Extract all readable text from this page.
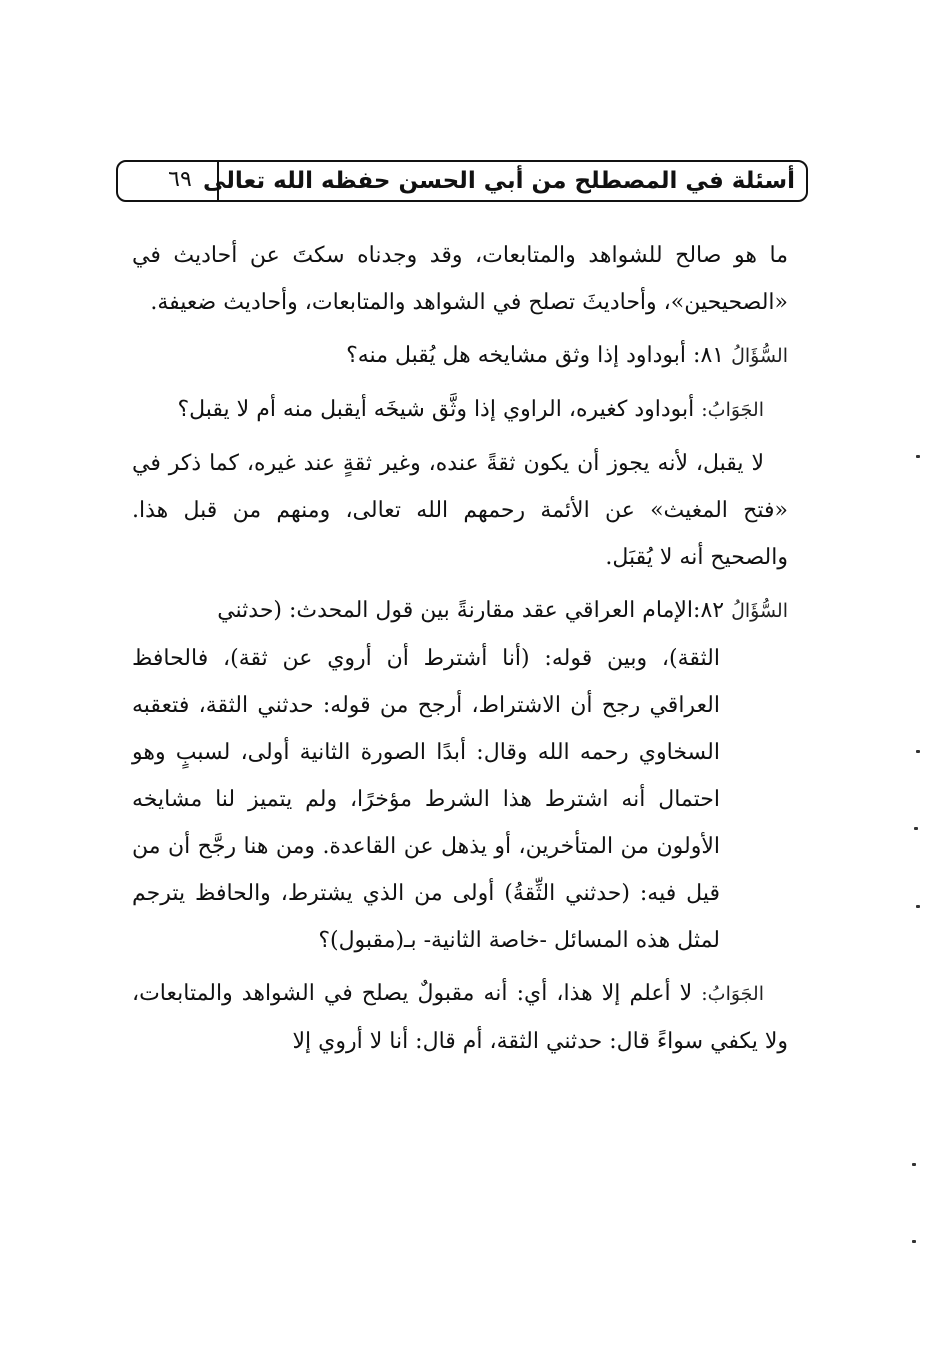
٦٩ أسئلة في المصطلح من أبي الحسن حفظه الله تعالى

ما هو صالح للشواهد والمتابعات، وقد وجدناه سكتَ عن أحاديث في «الصحيحين»، وأحاديثَ تصلح في الشواهد والمتابعات، وأحاديث ضعيفة.

السُّؤَالُ ٨١: أبوداود إذا وثق مشايخه هل يُقبل منه؟

الجَوَابُ: أبوداود كغيره، الراوي إذا وثَّق شيخَه أيقبل منه أم لا يقبل؟

لا يقبل، لأنه يجوز أن يكون ثقةً عنده، وغير ثقةٍ عند غيره، كما ذكر في «فتح المغيث» عن الأئمة رحمهم الله تعالى، ومنهم من قبل هذا. والصحيح أنه لا يُقبَل.

السُّؤَالُ ٨٢:الإمام العراقي عقد مقارنةً بين قول المحدث: (حدثني
الثقة)، وبين قوله: (أنا أشترط أن أروي عن ثقة)، فالحافظ العراقي رجح أن الاشتراط، أرجح من قوله: حدثني الثقة، فتعقبه السخاوي رحمه الله وقال: أبدًا الصورة الثانية أولى، لسببٍ وهو احتمال أنه اشترط هذا الشرط مؤخرًا، ولم يتميز لنا مشايخه الأولون من المتأخرين، أو يذهل عن القاعدة. ومن هنا رجَّح أن من قيل فيه: (حدثني الثِّقةُ) أولى من الذي يشترط، والحافظ يترجم لمثل هذه المسائل -خاصة الثانية- بـ(مقبول)؟

الجَوَابُ: لا أعلم إلا هذا، أي: أنه مقبولٌ يصلح في الشواهد والمتابعات، ولا يكفي سواءً قال: حدثني الثقة، أم قال: أنا لا أروي إلا
